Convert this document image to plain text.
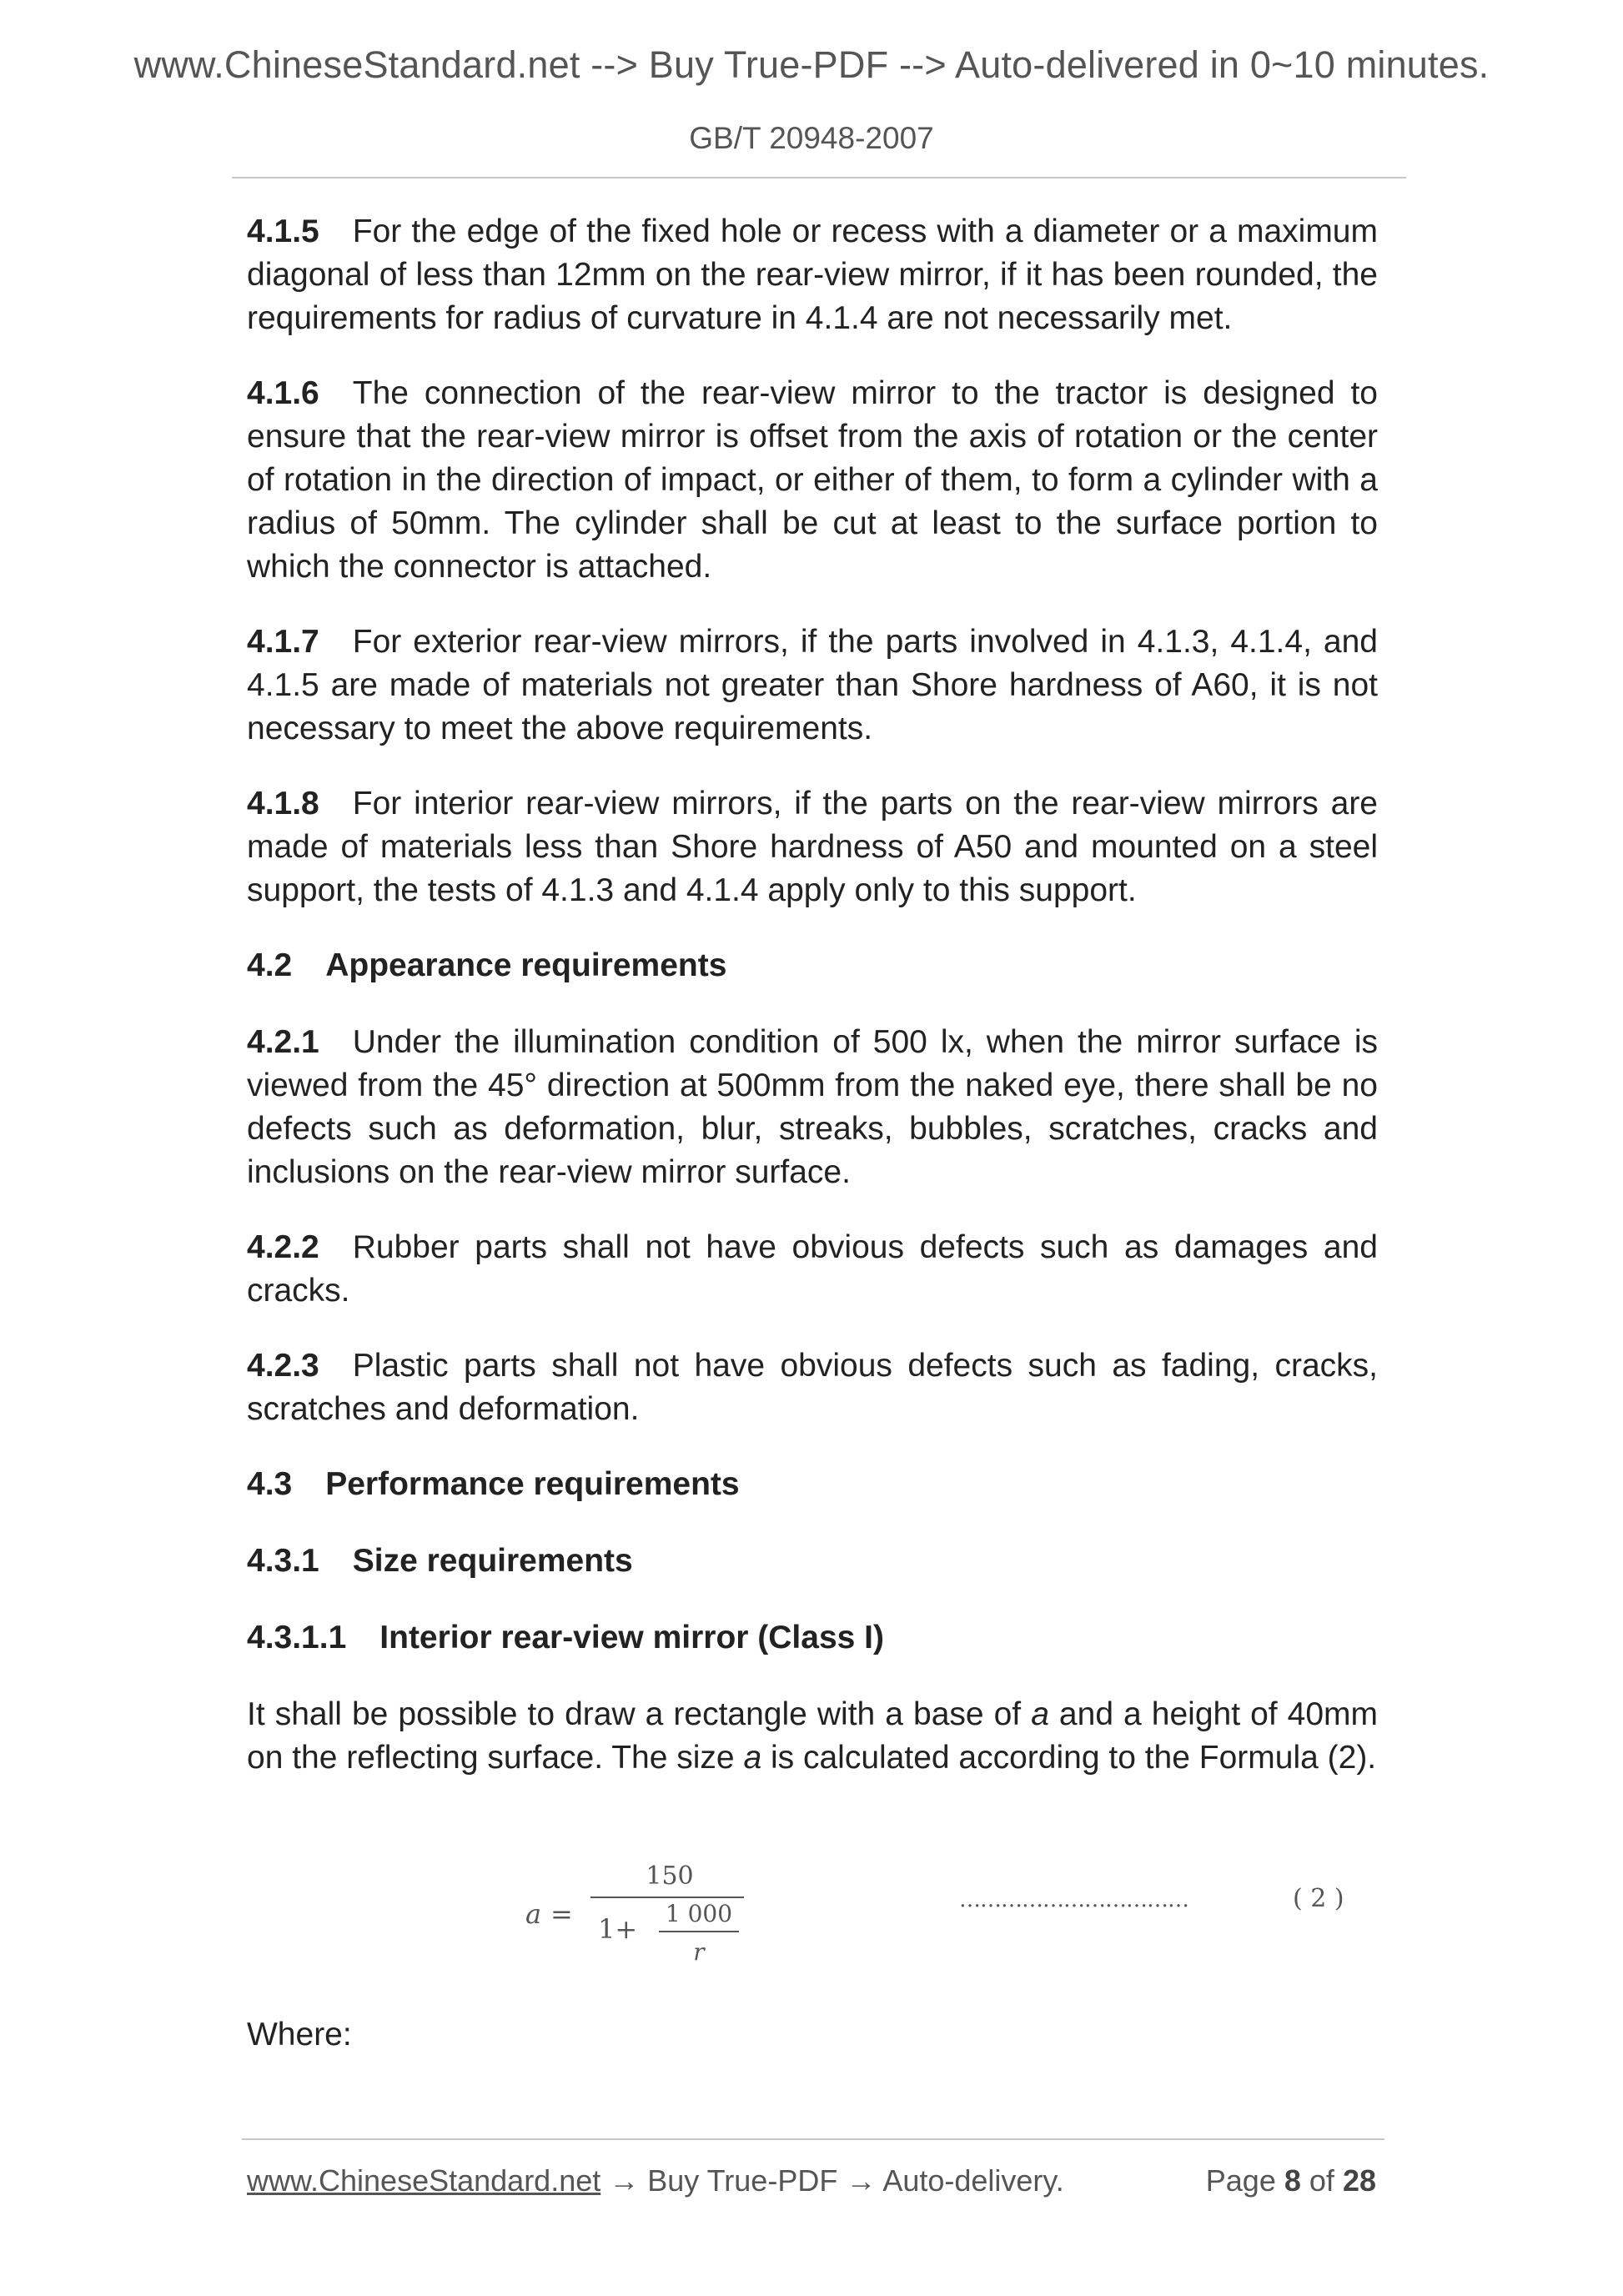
www.ChineseStandard.net --> Buy True-PDF --> Auto-delivered in 0~10 minutes.
GB/T 20948-2007

4.1.5 For the edge of the fixed hole or recess with a diameter or a maximum diagonal of less than 12mm on the rear-view mirror, if it has been rounded, the requirements for radius of curvature in 4.1.4 are not necessarily met.

4.1.6 The connection of the rear-view mirror to the tractor is designed to ensure that the rear-view mirror is offset from the axis of rotation or the center of rotation in the direction of impact, or either of them, to form a cylinder with a radius of 50mm. The cylinder shall be cut at least to the surface portion to which the connector is attached.

4.1.7 For exterior rear-view mirrors, if the parts involved in 4.1.3, 4.1.4, and 4.1.5 are made of materials not greater than Shore hardness of A60, it is not necessary to meet the above requirements.

4.1.8 For interior rear-view mirrors, if the parts on the rear-view mirrors are made of materials less than Shore hardness of A50 and mounted on a steel support, the tests of 4.1.3 and 4.1.4 apply only to this support.

4.2 Appearance requirements

4.2.1 Under the illumination condition of 500 lx, when the mirror surface is viewed from the 45° direction at 500mm from the naked eye, there shall be no defects such as deformation, blur, streaks, bubbles, scratches, cracks and inclusions on the rear-view mirror surface.

4.2.2 Rubber parts shall not have obvious defects such as damages and cracks.

4.2.3 Plastic parts shall not have obvious defects such as fading, cracks, scratches and deformation.

4.3 Performance requirements

4.3.1 Size requirements

4.3.1.1 Interior rear-view mirror (Class I)

It shall be possible to draw a rectangle with a base of a and a height of 40mm on the reflecting surface. The size a is calculated according to the Formula (2).

a =
150
1+ 1 000
r
……………………………	( 2 )
Where:
www.ChineseStandard.net → Buy True-PDF → Auto-delivery.	Page 8 of 28
